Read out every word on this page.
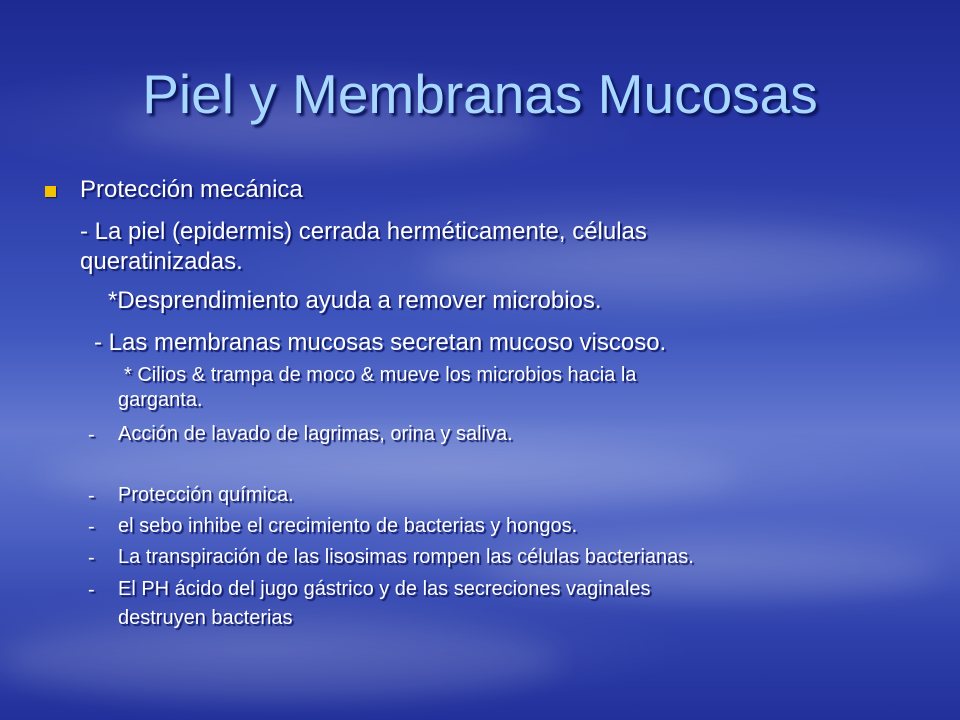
Piel y Membranas Mucosas
Protección mecánica
- La piel (epidermis) cerrada herméticamente, células
queratinizadas.
*Desprendimiento ayuda a remover microbios.
- Las membranas mucosas secretan mucoso viscoso.
* Cilios & trampa de moco & mueve los microbios hacia la
garganta.
- Acción de lavado de lagrimas, orina y saliva.
- Protección química.
- el sebo inhibe el crecimiento de bacterias y hongos.
- La transpiración de las lisosimas rompen las células bacterianas.
- El PH ácido del jugo gástrico y de las secreciones vaginales
destruyen bacterias
